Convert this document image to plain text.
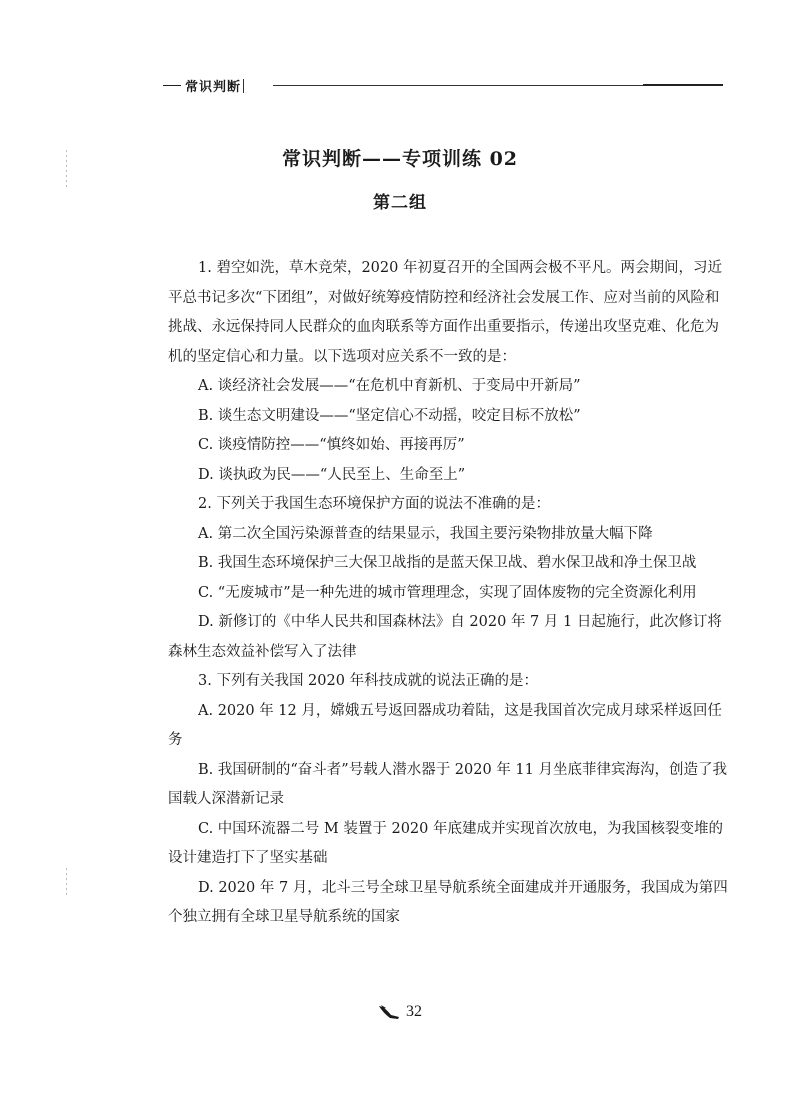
常识判断
常识判断——专项训练 02
第二组

1. 碧空如洗，草木竞荣，2020 年初夏召开的全国两会极不平凡。两会期间，习近平总书记多次“下团组”，对做好统筹疫情防控和经济社会发展工作、应对当前的风险和挑战、永远保持同人民群众的血肉联系等方面作出重要指示，传递出攻坚克难、化危为机的坚定信心和力量。以下选项对应关系不一致的是：

A. 谈经济社会发展——“在危机中育新机、于变局中开新局”

B. 谈生态文明建设——“坚定信心不动摇，咬定目标不放松”

C. 谈疫情防控——“慎终如始、再接再厉”

D. 谈执政为民——“人民至上、生命至上”

2. 下列关于我国生态环境保护方面的说法不准确的是：

A. 第二次全国污染源普查的结果显示，我国主要污染物排放量大幅下降

B. 我国生态环境保护三大保卫战指的是蓝天保卫战、碧水保卫战和净土保卫战

C. “无废城市”是一种先进的城市管理理念，实现了固体废物的完全资源化利用

D. 新修订的《中华人民共和国森林法》自 2020 年 7 月 1 日起施行，此次修订将森林生态效益补偿写入了法律

3. 下列有关我国 2020 年科技成就的说法正确的是：

A. 2020 年 12 月，嫦娥五号返回器成功着陆，这是我国首次完成月球采样返回任务

B. 我国研制的“奋斗者”号载人潜水器于 2020 年 11 月坐底菲律宾海沟，创造了我国载人深潜新记录

C. 中国环流器二号 M 装置于 2020 年底建成并实现首次放电，为我国核裂变堆的设计建造打下了坚实基础

D. 2020 年 7 月，北斗三号全球卫星导航系统全面建成并开通服务，我国成为第四个独立拥有全球卫星导航系统的国家

32
